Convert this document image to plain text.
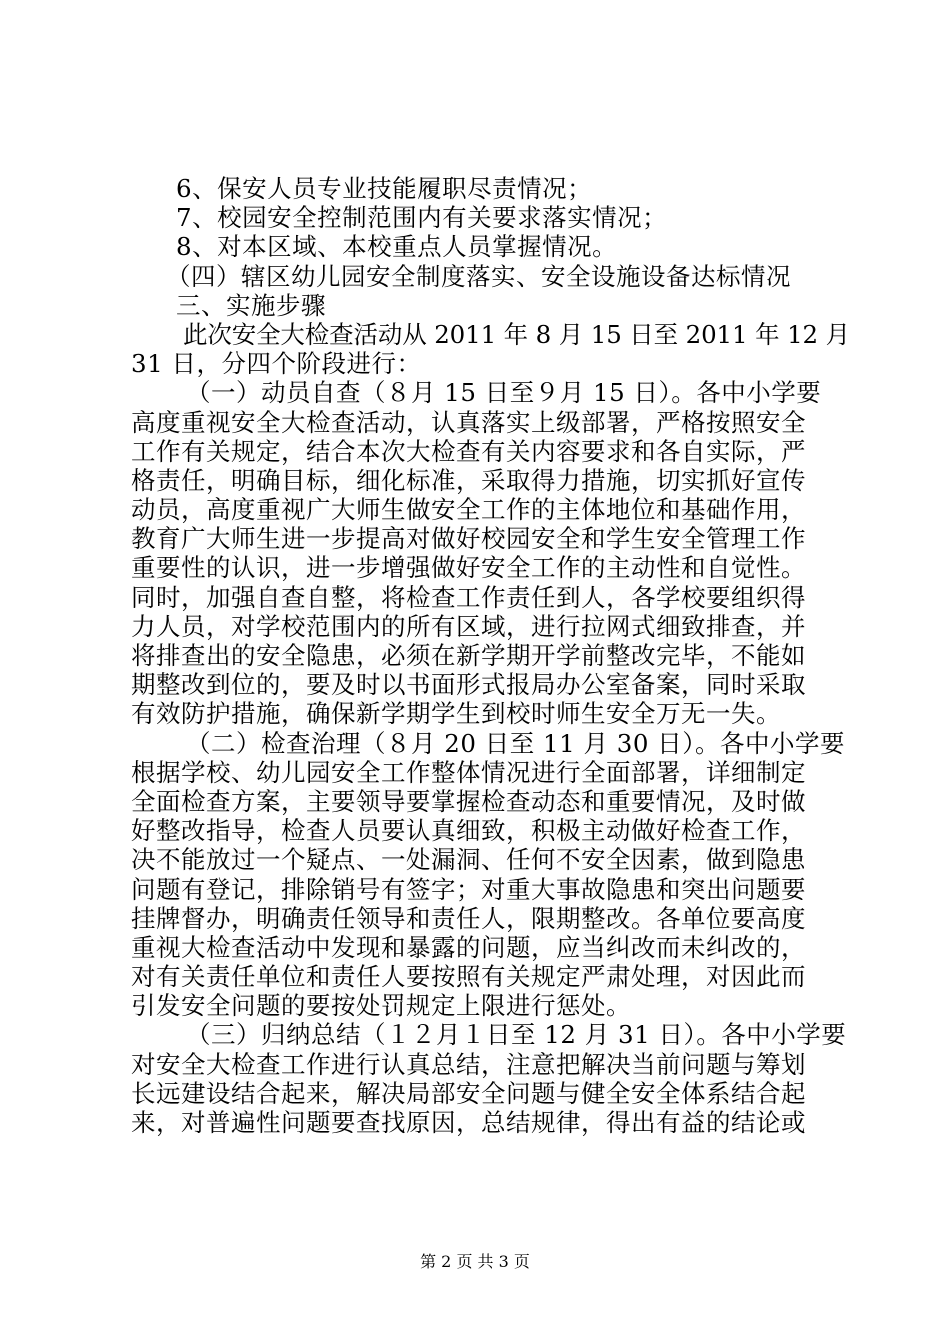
6、保安人员专业技能履职尽责情况；
7、校园安全控制范围内有关要求落实情况；
8、对本区域、本校重点人员掌握情况。
（四）辖区幼儿园安全制度落实、安全设施设备达标情况
三、实施步骤
此次安全大检查活动从 2011 年 8 月 15 日至 2011 年 12 月
31 日，分四个阶段进行：
（一）动员自查（８月 15 日至９月 15 日）。各中小学要
高度重视安全大检查活动，认真落实上级部署，严格按照安全
工作有关规定，结合本次大检查有关内容要求和各自实际，严
格责任，明确目标，细化标准，采取得力措施，切实抓好宣传
动员，高度重视广大师生做安全工作的主体地位和基础作用，
教育广大师生进一步提高对做好校园安全和学生安全管理工作
重要性的认识，进一步增强做好安全工作的主动性和自觉性。
同时，加强自查自整，将检查工作责任到人，各学校要组织得
力人员，对学校范围内的所有区域，进行拉网式细致排查，并
将排查出的安全隐患，必须在新学期开学前整改完毕，不能如
期整改到位的，要及时以书面形式报局办公室备案，同时采取
有效防护措施，确保新学期学生到校时师生安全万无一失。
（二）检查治理（８月 20 日至 11 月 30 日）。各中小学要
根据学校、幼儿园安全工作整体情况进行全面部署，详细制定
全面检查方案，主要领导要掌握检查动态和重要情况，及时做
好整改指导，检查人员要认真细致，积极主动做好检查工作，
决不能放过一个疑点、一处漏洞、任何不安全因素，做到隐患
问题有登记，排除销号有签字；对重大事故隐患和突出问题要
挂牌督办，明确责任领导和责任人，限期整改。各单位要高度
重视大检查活动中发现和暴露的问题，应当纠改而未纠改的，
对有关责任单位和责任人要按照有关规定严肃处理，对因此而
引发安全问题的要按处罚规定上限进行惩处。
（三）归纳总结（１２月１日至 12 月 31 日）。各中小学要
对安全大检查工作进行认真总结，注意把解决当前问题与筹划
长远建设结合起来，解决局部安全问题与健全安全体系结合起
来，对普遍性问题要查找原因，总结规律，得出有益的结论或
第 2 页 共 3 页
